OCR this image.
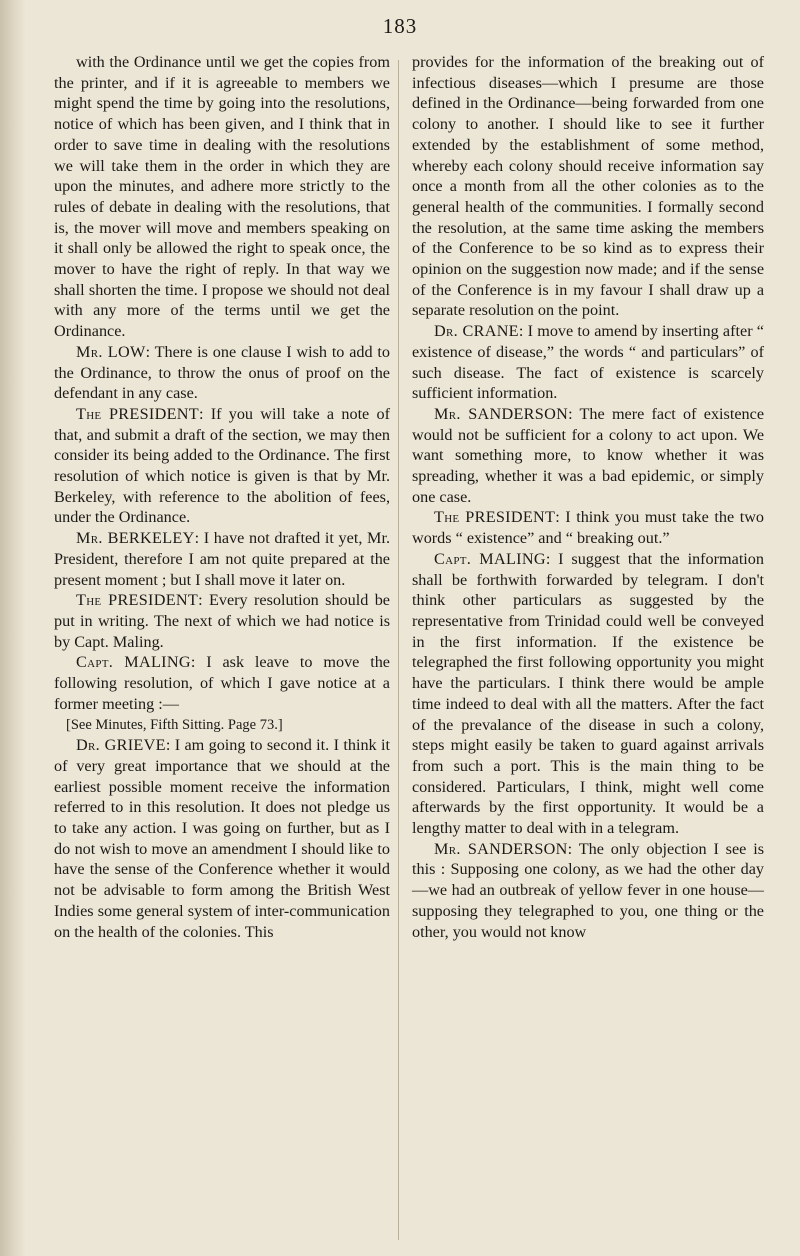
183

with the Ordinance until we get the copies from the printer, and if it is agreeable to members we might spend the time by going into the resolutions, notice of which has been given, and I think that in order to save time in dealing with the resolutions we will take them in the order in which they are upon the minutes, and adhere more strictly to the rules of debate in dealing with the resolutions, that is, the mover will move and members speaking on it shall only be allowed the right to speak once, the mover to have the right of reply. In that way we shall shorten the time. I propose we should not deal with any more of the terms until we get the Ordinance.

Mr. LOW: There is one clause I wish to add to the Ordinance, to throw the onus of proof on the defendant in any case.

The PRESIDENT: If you will take a note of that, and submit a draft of the section, we may then consider its being added to the Ordinance. The first resolution of which notice is given is that by Mr. Berkeley, with reference to the abolition of fees, under the Ordinance.

Mr. BERKELEY: I have not drafted it yet, Mr. President, therefore I am not quite prepared at the present moment ; but I shall move it later on.

The PRESIDENT: Every resolution should be put in writing. The next of which we had notice is by Capt. Maling.

Capt. MALING: I ask leave to move the following resolution, of which I gave notice at a former meeting :—

[See Minutes, Fifth Sitting. Page 73.]

Dr. GRIEVE: I am going to second it. I think it of very great importance that we should at the earliest possible moment receive the information referred to in this resolution. It does not pledge us to take any action. I was going on further, but as I do not wish to move an amendment I should like to have the sense of the Conference whether it would not be advisable to form among the British West Indies some general system of inter-communication on the health of the colonies. This

provides for the information of the breaking out of infectious diseases—which I presume are those defined in the Ordinance—being forwarded from one colony to another. I should like to see it further extended by the establishment of some method, whereby each colony should receive information say once a month from all the other colonies as to the general health of the communities. I formally second the resolution, at the same time asking the members of the Conference to be so kind as to express their opinion on the suggestion now made; and if the sense of the Conference is in my favour I shall draw up a separate resolution on the point.

Dr. CRANE: I move to amend by inserting after “ existence of disease,” the words “ and particulars” of such disease. The fact of existence is scarcely sufficient information.

Mr. SANDERSON: The mere fact of existence would not be sufficient for a colony to act upon. We want something more, to know whether it was spreading, whether it was a bad epidemic, or simply one case.

The PRESIDENT: I think you must take the two words “ existence” and “ breaking out.”

Capt. MALING: I suggest that the information shall be forthwith forwarded by telegram. I don't think other particulars as suggested by the representative from Trinidad could well be conveyed in the first information. If the existence be telegraphed the first following opportunity you might have the particulars. I think there would be ample time indeed to deal with all the matters. After the fact of the prevalance of the disease in such a colony, steps might easily be taken to guard against arrivals from such a port. This is the main thing to be considered. Particulars, I think, might well come afterwards by the first opportunity. It would be a lengthy matter to deal with in a telegram.

Mr. SANDERSON: The only objection I see is this : Supposing one colony, as we had the other day—we had an outbreak of yellow fever in one house—supposing they telegraphed to you, one thing or the other, you would not know
